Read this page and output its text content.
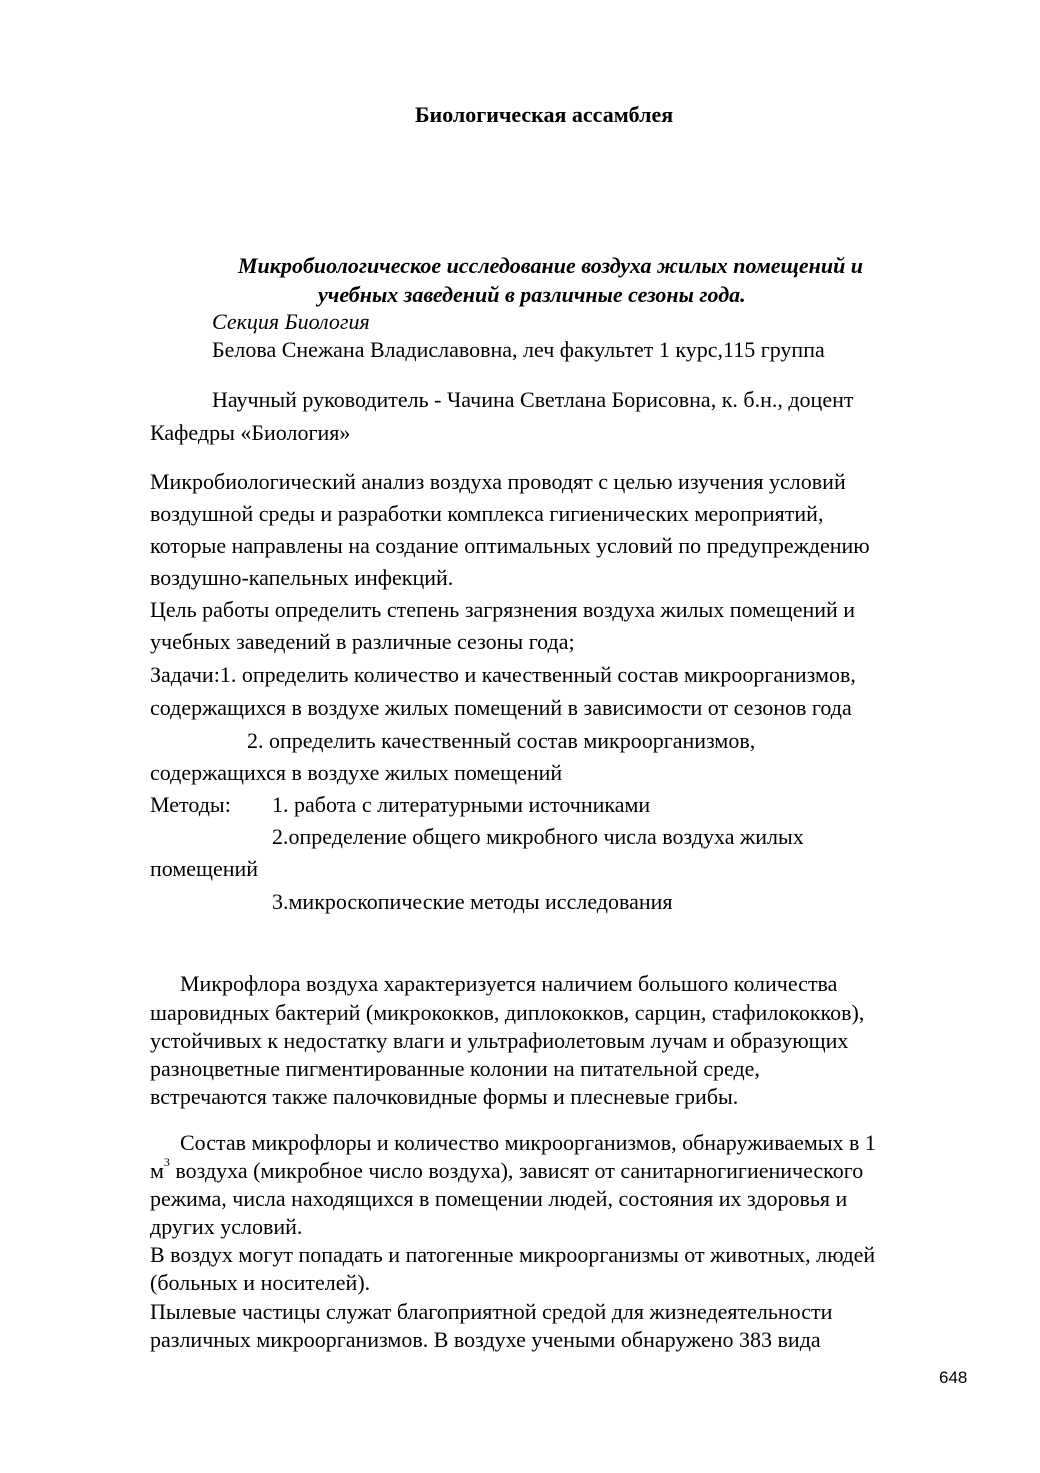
Биологическая ассамблея
Микробиологическое исследование воздуха жилых помещений и
учебных заведений в различные сезоны года.
Секция Биология
Белова Снежана Владиславовна, леч факультет 1 курс,115 группа
Научный руководитель - Чачина Светлана Борисовна, к. б.н., доцент
Кафедры «Биология»
Микробиологический анализ воздуха проводят с целью изучения условий
воздушной среды и разработки комплекса гигиенических мероприятий,
которые направлены на создание оптимальных условий по предупреждению
воздушно-капельных инфекций.
Цель работы определить степень загрязнения воздуха жилых помещений и
учебных заведений в различные сезоны года;
Задачи:1. определить количество и качественный состав микроорганизмов,
содержащихся в воздухе жилых помещений в зависимости от сезонов года
2. определить качественный состав микроорганизмов,
содержащихся в воздухе жилых помещений
Методы: 1. работа с литературными источниками
2.определение общего микробного числа воздуха жилых
помещений
3.микроскопические методы исследования
Микрофлора воздуха характеризуется наличием большого количества
шаровидных бактерий (микрококков, диплококков, сарцин, стафилококков),
устойчивых к недостатку влаги и ультрафиолетовым лучам и образующих
разноцветные пигментированные колонии на питательной среде,
встречаются также палочковидные формы и плесневые грибы.
Состав микрофлоры и количество микроорганизмов, обнаруживаемых в 1
$м^3$ воздуха (микробное число воздуха), зависят от санитарногигиенического
режима, числа находящихся в помещении людей, состояния их здоровья и
других условий.
В воздух могут попадать и патогенные микроорганизмы от животных, людей
(больных и носителей).
Пылевые частицы служат благоприятной средой для жизнедеятельности
различных микроорганизмов. В воздухе учеными обнаружено 383 вида
648
